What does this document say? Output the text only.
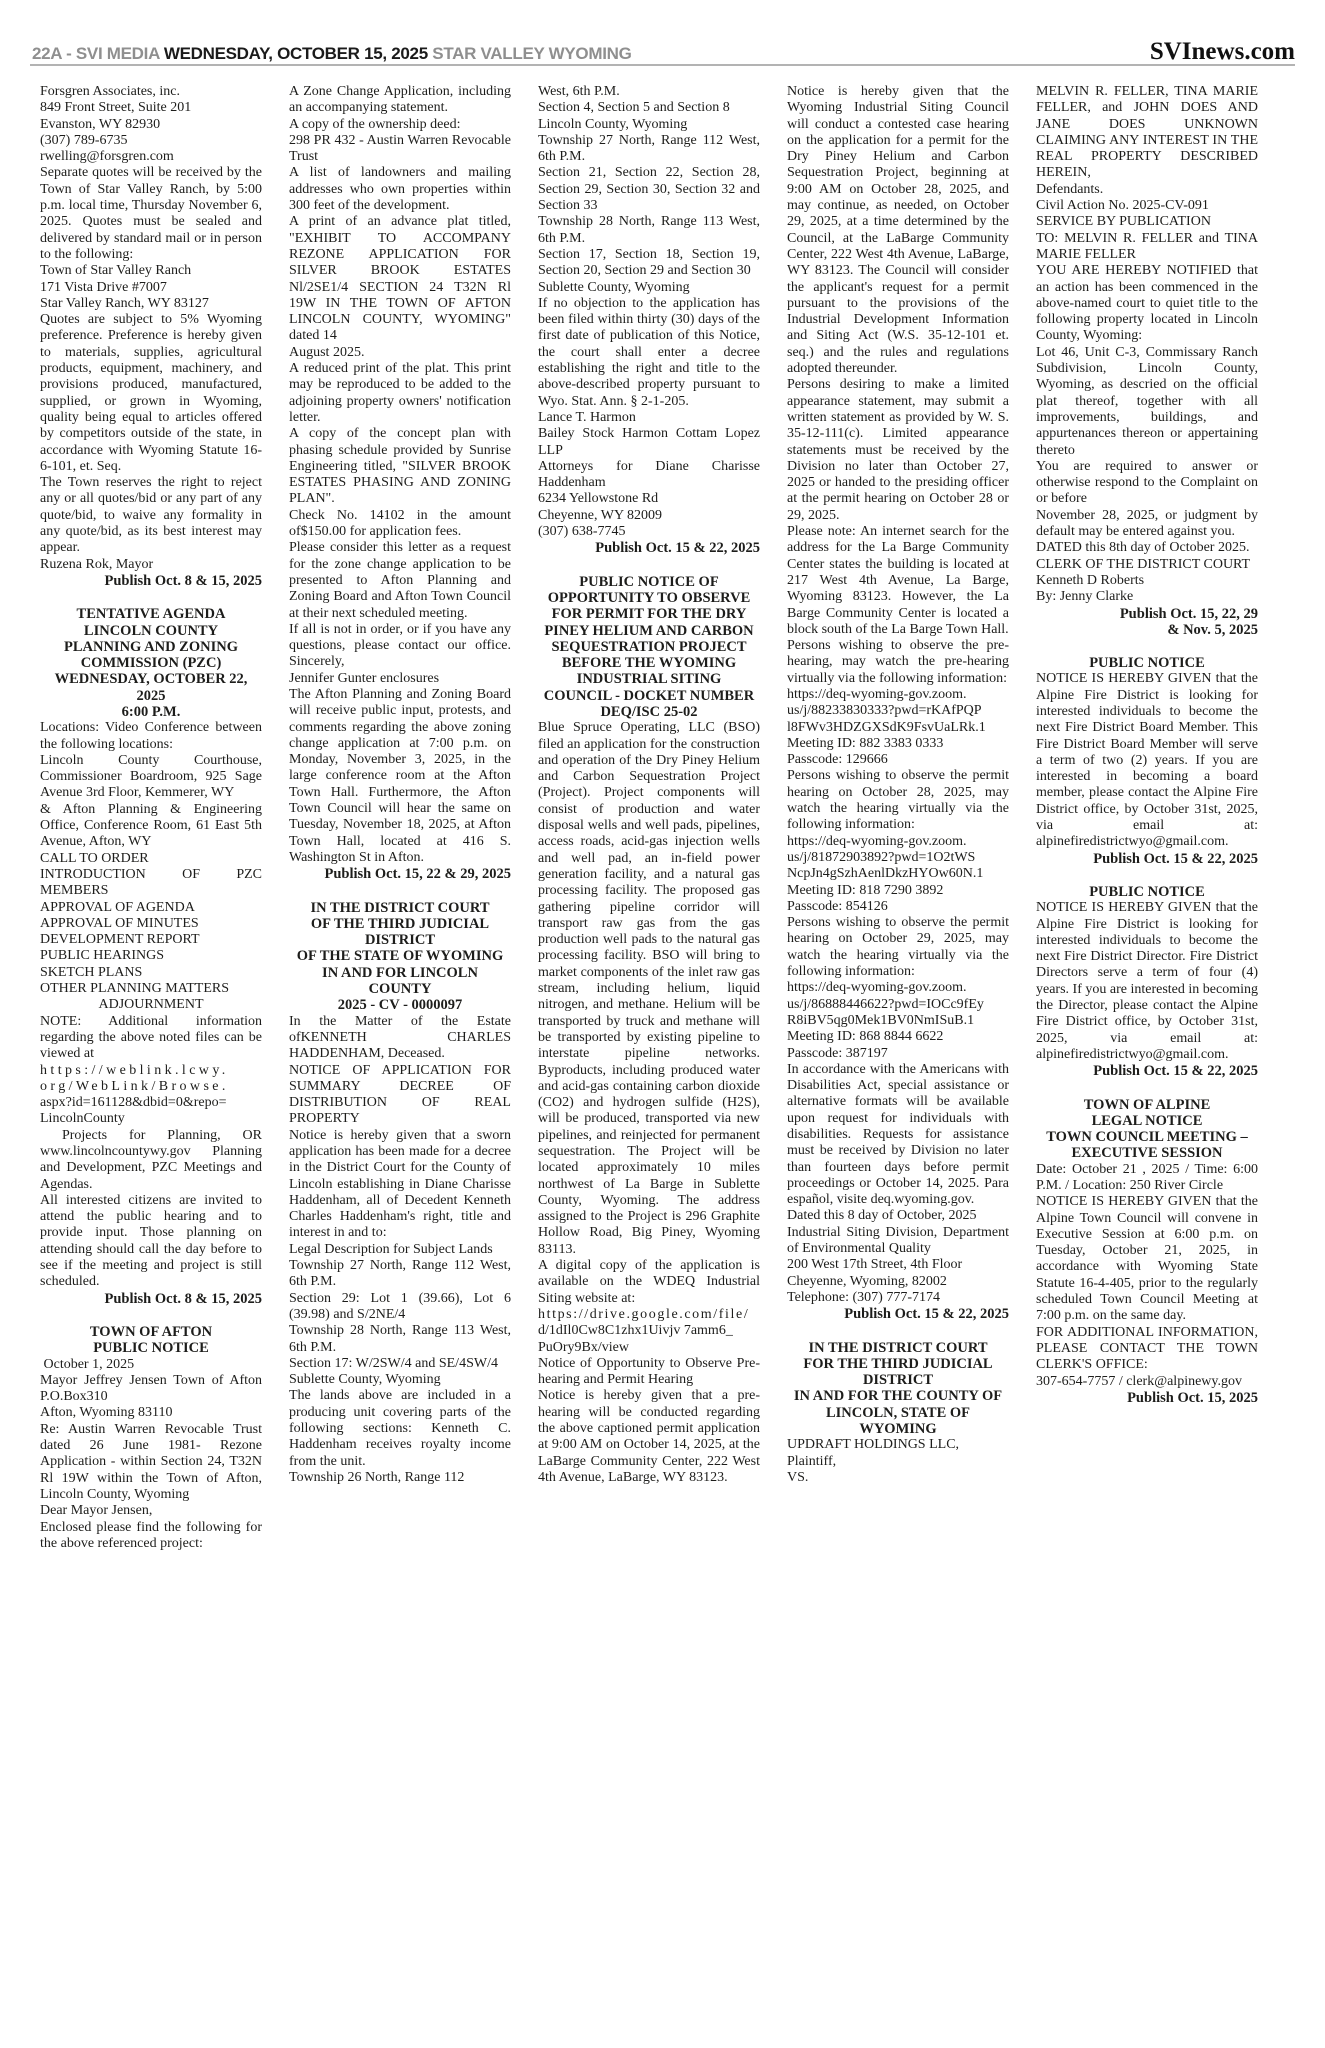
22A - SVI MEDIA WEDNESDAY, OCTOBER 15, 2025 STAR VALLEY WYOMING	SVInews.com
Forsgren Associates, inc.
849 Front Street, Suite 201
Evanston, WY 82930
(307) 789-6735
rwelling@forsgren.com
Separate quotes will be received by the Town of Star Valley Ranch, by 5:00 p.m. local time, Thursday November 6, 2025. Quotes must be sealed and delivered by standard mail or in person to the following:
Town of Star Valley Ranch
171 Vista Drive #7007
Star Valley Ranch, WY 83127
Quotes are subject to 5% Wyoming preference. Preference is hereby given to materials, supplies, agricultural products, equipment, machinery, and provisions produced, manufactured, supplied, or grown in Wyoming, quality being equal to articles offered by competitors outside of the state, in accordance with Wyoming Statute 16-6-101, et. Seq.
The Town reserves the right to reject any or all quotes/bid or any part of any quote/bid, to waive any formality in any quote/bid, as its best interest may appear.
Ruzena Rok, Mayor
Publish Oct. 8 & 15, 2025
TENTATIVE AGENDA
LINCOLN COUNTY
PLANNING AND ZONING
COMMISSION (PZC)
WEDNESDAY, OCTOBER 22, 2025
6:00 P.M.
Locations: Video Conference between the following locations:
Lincoln County Courthouse, Commissioner Boardroom, 925 Sage Avenue 3rd Floor, Kemmerer, WY
& Afton Planning & Engineering Office, Conference Room, 61 East 5th Avenue, Afton, WY
CALL TO ORDER
INTRODUCTION OF PZC MEMBERS
APPROVAL OF AGENDA
APPROVAL OF MINUTES
DEVELOPMENT REPORT
PUBLIC HEARINGS
SKETCH PLANS
OTHER PLANNING MATTERS
ADJOURNMENT
NOTE: Additional information regarding the above noted files can be viewed at
https://weblink.lcwy.
org/WebLink/Browse.
aspx?id=161128&dbid=0&repo=
LincolnCounty
Projects for Planning, OR www.lincolncountywy.gov Planning and Development, PZC Meetings and Agendas.
All interested citizens are invited to attend the public hearing and to provide input. Those planning on attending should call the day before to see if the meeting and project is still scheduled.
Publish Oct. 8 & 15, 2025
TOWN OF AFTON
PUBLIC NOTICE
October 1, 2025
Mayor Jeffrey Jensen Town of Afton P.O.Box310
Afton, Wyoming 83110
Re: Austin Warren Revocable Trust dated 26 June 1981- Rezone Application - within Section 24, T32N Rl 19W within the Town of Afton, Lincoln County, Wyoming
Dear Mayor Jensen,
Enclosed please find the following for the above referenced project:
A Zone Change Application, including an accompanying statement.
A copy of the ownership deed:
298 PR 432 - Austin Warren Revocable Trust
A list of landowners and mailing addresses who own properties within 300 feet of the development.
A print of an advance plat titled, "EXHIBIT TO ACCOMPANY REZONE APPLICATION FOR SILVER BROOK ESTATES Nl/2SE1/4 SECTION 24 T32N Rl 19W IN THE TOWN OF AFTON LINCOLN COUNTY, WYOMING" dated 14
August 2025.
A reduced print of the plat. This print may be reproduced to be added to the adjoining property owners' notification letter.
A copy of the concept plan with phasing schedule provided by Sunrise Engineering titled, "SILVER BROOK ESTATES PHASING AND ZONING PLAN".
Check No. 14102 in the amount of$150.00 for application fees.
Please consider this letter as a request for the zone change application to be presented to Afton Planning and Zoning Board and Afton Town Council at their next scheduled meeting.
If all is not in order, or if you have any questions, please contact our office. Sincerely,
Jennifer Gunter enclosures
The Afton Planning and Zoning Board will receive public input, protests, and comments regarding the above zoning change application at 7:00 p.m. on Monday, November 3, 2025, in the large conference room at the Afton Town Hall. Furthermore, the Afton Town Council will hear the same on Tuesday, November 18, 2025, at Afton Town Hall, located at 416 S. Washington St in Afton.
Publish Oct. 15, 22 & 29, 2025
IN THE DISTRICT COURT
OF THE THIRD JUDICIAL DISTRICT
OF THE STATE OF WYOMING
IN AND FOR LINCOLN COUNTY
2025 - CV - 0000097
In the Matter of the Estate ofKENNETH CHARLES HADDENHAM, Deceased.
NOTICE OF APPLICATION FOR SUMMARY DECREE OF DISTRIBUTION OF REAL PROPERTY
Notice is hereby given that a sworn application has been made for a decree in the District Court for the County of Lincoln establishing in Diane Charisse Haddenham, all of Decedent Kenneth Charles Haddenham's right, title and interest in and to:
Legal Description for Subject Lands
Township 27 North, Range 112 West, 6th P.M.
Section 29: Lot 1 (39.66), Lot 6 (39.98) and S/2NE/4
Township 28 North, Range 113 West, 6th P.M.
Section 17: W/2SW/4 and SE/4SW/4
Sublette County, Wyoming
The lands above are included in a producing unit covering parts of the following sections: Kenneth C. Haddenham receives royalty income from the unit.
Township 26 North, Range 112
West, 6th P.M.
Section 4, Section 5 and Section 8
Lincoln County, Wyoming
Township 27 North, Range 112 West, 6th P.M.
Section 21, Section 22, Section 28, Section 29, Section 30, Section 32 and Section 33
Township 28 North, Range 113 West, 6th P.M.
Section 17, Section 18, Section 19, Section 20, Section 29 and Section 30
Sublette County, Wyoming
If no objection to the application has been filed within thirty (30) days of the first date of publication of this Notice, the court shall enter a decree establishing the right and title to the above-described property pursuant to Wyo. Stat. Ann. § 2-1-205.
Lance T. Harmon
Bailey Stock Harmon Cottam Lopez LLP
Attorneys for Diane Charisse Haddenham
6234 Yellowstone Rd
Cheyenne, WY 82009
(307) 638-7745
Publish Oct. 15 & 22, 2025
PUBLIC NOTICE OF
OPPORTUNITY TO OBSERVE
FOR PERMIT FOR THE DRY
PINEY HELIUM AND CARBON
SEQUESTRATION PROJECT
BEFORE THE WYOMING
INDUSTRIAL SITING
COUNCIL - DOCKET NUMBER
DEQ/ISC 25-02
Blue Spruce Operating, LLC (BSO) filed an application for the construction and operation of the Dry Piney Helium and Carbon Sequestration Project (Project). Project components will consist of production and water disposal wells and well pads, pipelines, access roads, acid-gas injection wells and well pad, an in-field power generation facility, and a natural gas processing facility. The proposed gas gathering pipeline corridor will transport raw gas from the gas production well pads to the natural gas processing facility. BSO will bring to market components of the inlet raw gas stream, including helium, liquid nitrogen, and methane. Helium will be transported by truck and methane will be transported by existing pipeline to interstate pipeline networks. Byproducts, including produced water and acid-gas containing carbon dioxide (CO2) and hydrogen sulfide (H2S), will be produced, transported via new pipelines, and reinjected for permanent sequestration. The Project will be located approximately 10 miles northwest of La Barge in Sublette County, Wyoming. The address assigned to the Project is 296 Graphite Hollow Road, Big Piney, Wyoming 83113.
A digital copy of the application is available on the WDEQ Industrial Siting website at:
https://drive.google.com/file/
d/1dIl0Cw8C1zhx1Uivjv 7amm6_
PuOry9Bx/view
Notice of Opportunity to Observe Pre-hearing and Permit Hearing
Notice is hereby given that a pre-hearing will be conducted regarding the above captioned permit application at 9:00 AM on October 14, 2025, at the LaBarge Community Center, 222 West 4th Avenue, LaBarge, WY 83123.
Notice is hereby given that the Wyoming Industrial Siting Council will conduct a contested case hearing on the application for a permit for the Dry Piney Helium and Carbon Sequestration Project, beginning at 9:00 AM on October 28, 2025, and may continue, as needed, on October 29, 2025, at a time determined by the Council, at the LaBarge Community Center, 222 West 4th Avenue, LaBarge, WY 83123. The Council will consider the applicant's request for a permit pursuant to the provisions of the Industrial Development Information and Siting Act (W.S. 35-12-101 et. seq.) and the rules and regulations adopted thereunder.
Persons desiring to make a limited appearance statement, may submit a written statement as provided by W. S. 35-12-111(c). Limited appearance statements must be received by the Division no later than October 27, 2025 or handed to the presiding officer at the permit hearing on October 28 or 29, 2025.
Please note: An internet search for the address for the La Barge Community Center states the building is located at 217 West 4th Avenue, La Barge, Wyoming 83123. However, the La Barge Community Center is located a block south of the La Barge Town Hall.
Persons wishing to observe the pre-hearing, may watch the pre-hearing virtually via the following information:
https://deq-wyoming-gov.zoom.
us/j/88233830333?pwd=rKAfPQP
l8FWv3HDZGXSdK9FsvUaLRk.1
Meeting ID: 882 3383 0333
Passcode: 129666
Persons wishing to observe the permit hearing on October 28, 2025, may watch the hearing virtually via the following information:
https://deq-wyoming-gov.zoom.
us/j/81872903892?pwd=1O2tWS
NcpJn4gSzhAenlDkzHYOw60N.1
Meeting ID: 818 7290 3892
Passcode: 854126
Persons wishing to observe the permit hearing on October 29, 2025, may watch the hearing virtually via the following information:
https://deq-wyoming-gov.zoom.
us/j/86888446622?pwd=IOCc9fEy
R8iBV5qg0Mek1BV0NmISuB.1
Meeting ID: 868 8844 6622
Passcode: 387197
In accordance with the Americans with Disabilities Act, special assistance or alternative formats will be available upon request for individuals with disabilities. Requests for assistance must be received by Division no later than fourteen days before permit proceedings or October 14, 2025. Para español, visite deq.wyoming.gov.
Dated this 8 day of October, 2025
Industrial Siting Division, Department of Environmental Quality
200 West 17th Street, 4th Floor
Cheyenne, Wyoming, 82002
Telephone: (307) 777-7174
Publish Oct. 15 & 22, 2025
IN THE DISTRICT COURT
FOR THE THIRD JUDICIAL DISTRICT
IN AND FOR THE COUNTY OF LINCOLN, STATE OF WYOMING
UPDRAFT HOLDINGS LLC,
Plaintiff,
VS.
MELVIN R. FELLER, TINA MARIE FELLER, and JOHN DOES AND JANE DOES UNKNOWN CLAIMING ANY INTEREST IN THE REAL PROPERTY DESCRIBED HEREIN,
Defendants.
Civil Action No. 2025-CV-091
SERVICE BY PUBLICATION
TO: MELVIN R. FELLER and TINA MARIE FELLER
YOU ARE HEREBY NOTIFIED that an action has been commenced in the above-named court to quiet title to the following property located in Lincoln County, Wyoming:
Lot 46, Unit C-3, Commissary Ranch Subdivision, Lincoln County, Wyoming, as descried on the official plat thereof, together with all improvements, buildings, and appurtenances thereon or appertaining thereto
You are required to answer or otherwise respond to the Complaint on or before
November 28, 2025, or judgment by default may be entered against you.
DATED this 8th day of October 2025.
CLERK OF THE DISTRICT COURT
Kenneth D Roberts
By: Jenny Clarke
Publish Oct. 15, 22, 29
& Nov. 5, 2025
PUBLIC NOTICE
NOTICE IS HEREBY GIVEN that the Alpine Fire District is looking for interested individuals to become the next Fire District Board Member. This Fire District Board Member will serve a term of two (2) years. If you are interested in becoming a board member, please contact the Alpine Fire District office, by October 31st, 2025, via email at: alpinefiredistrictwyo@gmail.com.
Publish Oct. 15 & 22, 2025
PUBLIC NOTICE
NOTICE IS HEREBY GIVEN that the Alpine Fire District is looking for interested individuals to become the next Fire District Director. Fire District Directors serve a term of four (4) years. If you are interested in becoming the Director, please contact the Alpine Fire District office, by October 31st, 2025, via email at: alpinefiredistrictwyo@gmail.com.
Publish Oct. 15 & 22, 2025
TOWN OF ALPINE
LEGAL NOTICE
TOWN COUNCIL MEETING –
EXECUTIVE SESSION
Date: October 21 , 2025 / Time: 6:00 P.M. / Location: 250 River Circle
NOTICE IS HEREBY GIVEN that the Alpine Town Council will convene in Executive Session at 6:00 p.m. on Tuesday, October 21, 2025, in accordance with Wyoming State Statute 16-4-405, prior to the regularly scheduled Town Council Meeting at 7:00 p.m. on the same day.
FOR ADDITIONAL INFORMATION, PLEASE CONTACT THE TOWN CLERK'S OFFICE:
307-654-7757 / clerk@alpinewy.gov
Publish Oct. 15, 2025
